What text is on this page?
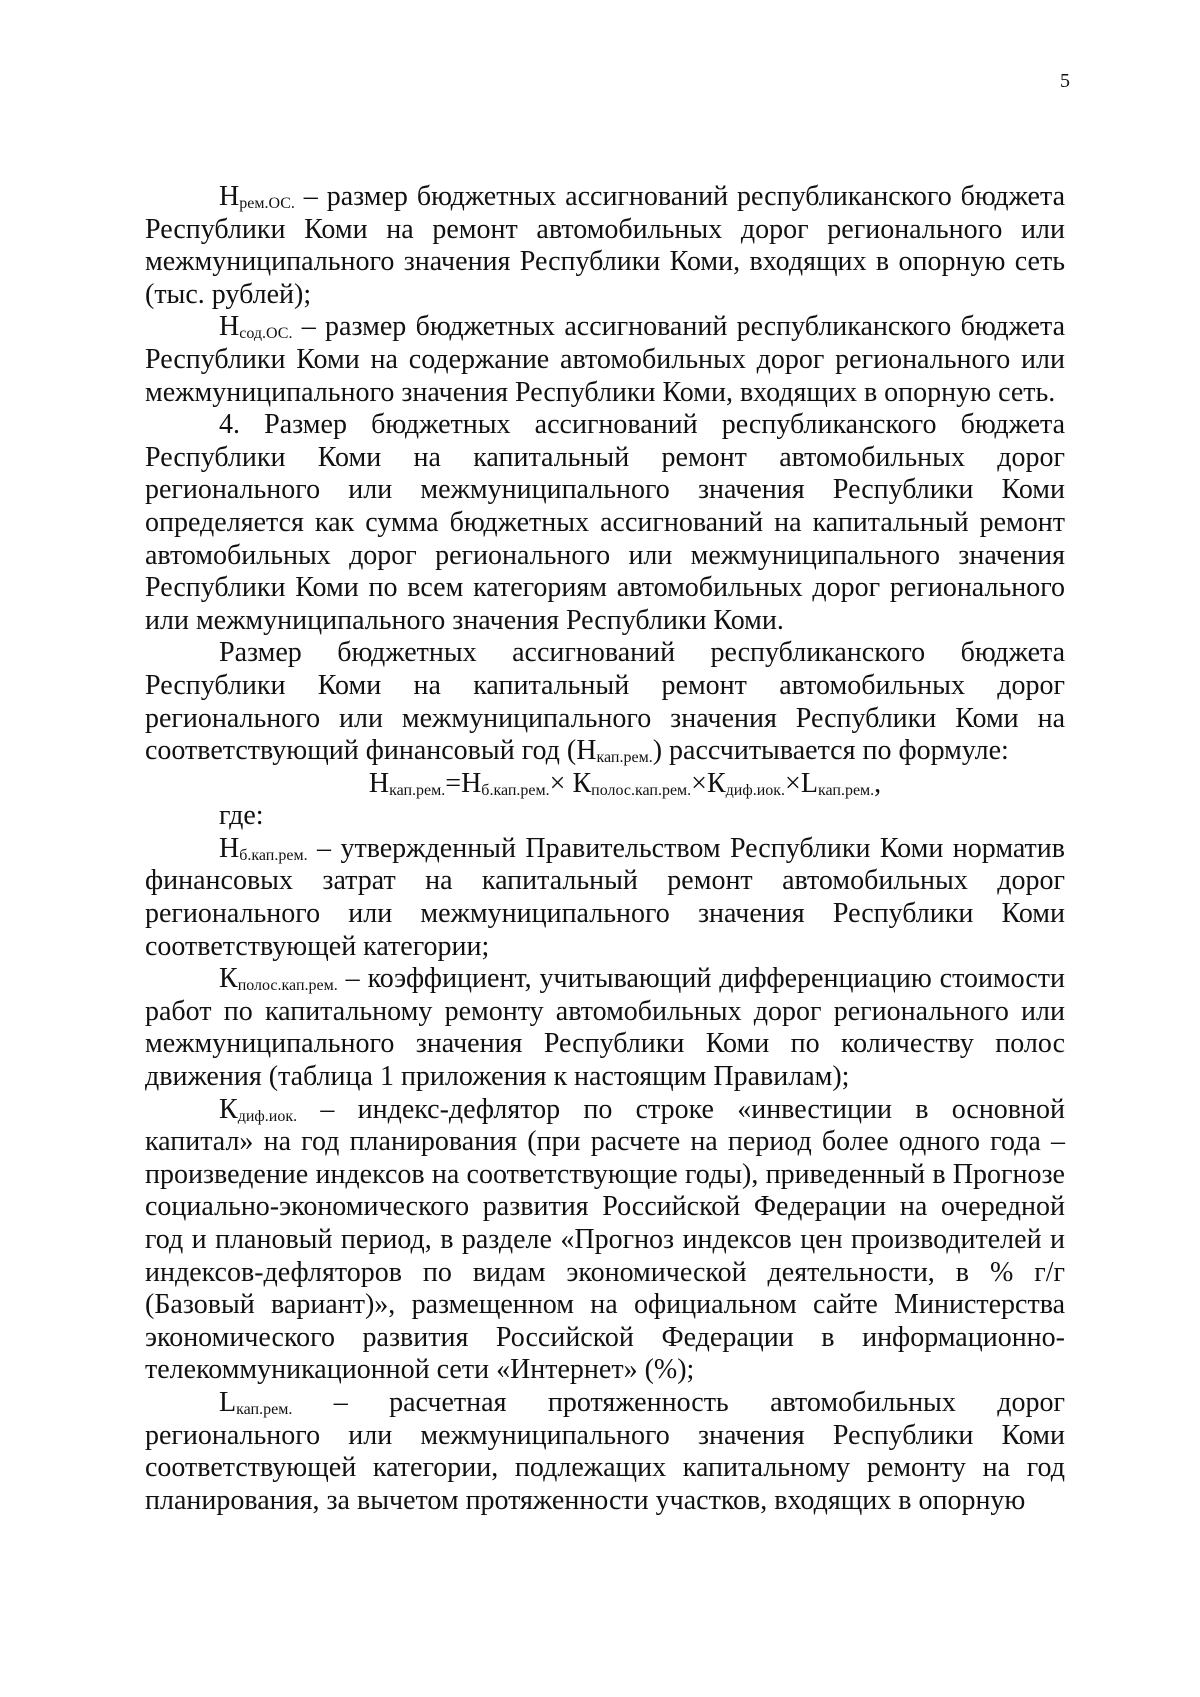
5

$Н_{рем.ОС.}$ – размер бюджетных ассигнований республиканского бюджета Республики Коми на ремонт автомобильных дорог регионального или межмуниципального значения Республики Коми, входящих в опорную сеть (тыс. рублей);

$Н_{сод.ОС.}$ – размер бюджетных ассигнований республиканского бюджета Республики Коми на содержание автомобильных дорог регионального или межмуниципального значения Республики Коми, входящих в опорную сеть.

4. Размер бюджетных ассигнований республиканского бюджета Республики Коми на капитальный ремонт автомобильных дорог регионального или межмуниципального значения Республики Коми определяется как сумма бюджетных ассигнований на капитальный ремонт автомобильных дорог регионального или межмуниципального значения Республики Коми по всем категориям автомобильных дорог регионального или межмуниципального значения Республики Коми.

Размер бюджетных ассигнований республиканского бюджета Республики Коми на капитальный ремонт автомобильных дорог регионального или межмуниципального значения Республики Коми на соответствующий финансовый год $(Н_{кап.рем.})$ рассчитывается по формуле:

$Н_{кап.рем.}=Н_{б.кап.рем.}\times К_{полос.кап.рем.}\times К_{диф.иок.}\times L_{кап.рем.}$,

где:

$Н_{б.кап.рем.}$ – утвержденный Правительством Республики Коми норматив финансовых затрат на капитальный ремонт автомобильных дорог регионального или межмуниципального значения Республики Коми соответствующей категории;

$К_{полос.кап.рем.}$ – коэффициент, учитывающий дифференциацию стоимости работ по капитальному ремонту автомобильных дорог регионального или межмуниципального значения Республики Коми по количеству полос движения (таблица 1 приложения к настоящим Правилам);

$К_{диф.иок.}$ – индекс-дефлятор по строке «инвестиции в основной капитал» на год планирования (при расчете на период более одного года – произведение индексов на соответствующие годы), приведенный в Прогнозе социально-экономического развития Российской Федерации на очередной год и плановый период, в разделе «Прогноз индексов цен производителей и индексов-дефляторов по видам экономической деятельности, в % г/г (Базовый вариант)», размещенном на официальном сайте Министерства экономического развития Российской Федерации в информационно-телекоммуникационной сети «Интернет» (%);

$L_{кап.рем.}$ – расчетная протяженность автомобильных дорог регионального или межмуниципального значения Республики Коми соответствующей категории, подлежащих капитальному ремонту на год планирования, за вычетом протяженности участков, входящих в опорную
